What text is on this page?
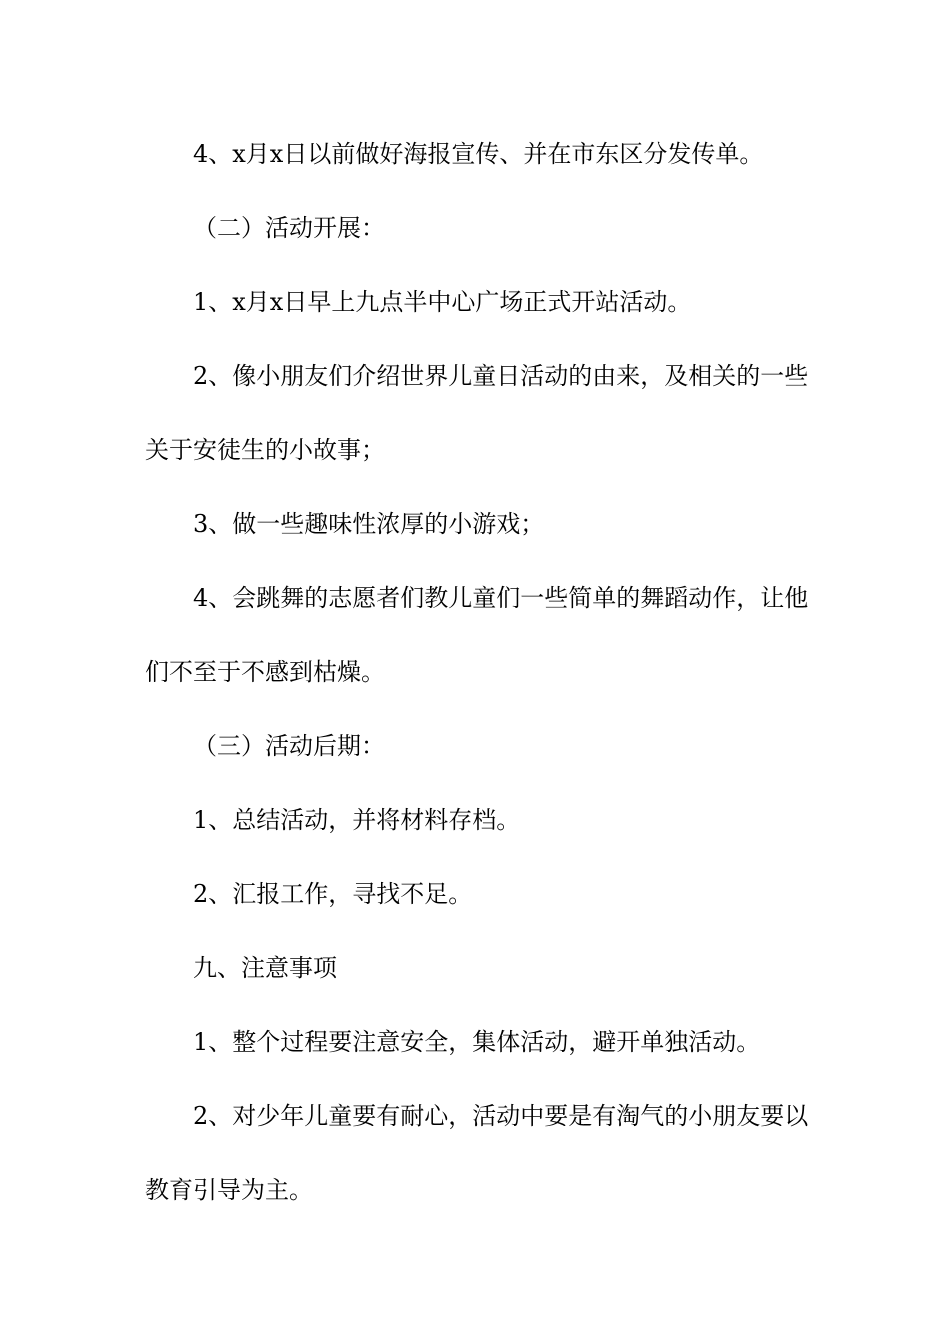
4、x月x日以前做好海报宣传、并在市东区分发传单。

（二）活动开展：

1、x月x日早上九点半中心广场正式开站活动。

2、像小朋友们介绍世界儿童日活动的由来，及相关的一些

关于安徒生的小故事；

3、做一些趣味性浓厚的小游戏；

4、会跳舞的志愿者们教儿童们一些简单的舞蹈动作，让他

们不至于不感到枯燥。

（三）活动后期：

1、总结活动，并将材料存档。

2、汇报工作，寻找不足。

九、注意事项

1、整个过程要注意安全，集体活动，避开单独活动。

2、对少年儿童要有耐心，活动中要是有淘气的小朋友要以

教育引导为主。
